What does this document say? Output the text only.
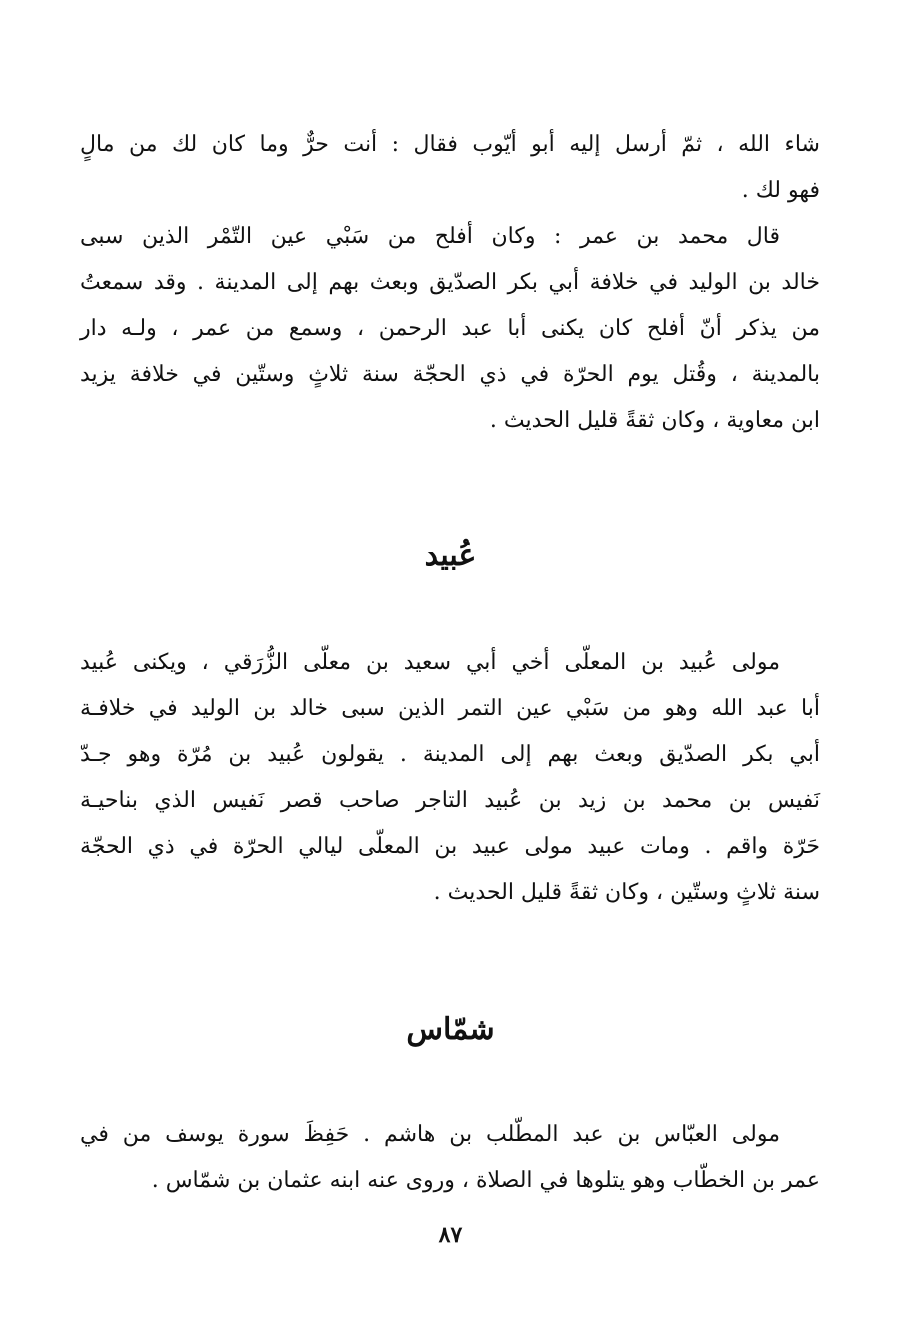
شاء الله ، ثمّ أرسل إليه أبو أيّوب فقال : أنت حرٌّ وما كان لك من مالٍ
فهو لك .
قال محمد بن عمر : وكان أفلح من سَبْي عين التّمْر الذين سبى
خالد بن الوليد في خلافة أبي بكر الصدّيق وبعث بهم إلى المدينة . وقد سمعتُ
من يذكر أنّ أفلح كان يكنى أبا عبد الرحمن ، وسمع من عمر ، ولـه دار
بالمدينة ، وقُتل يوم الحرّة في ذي الحجّة سنة ثلاثٍ وستّين في خلافة يزيد
ابن معاوية ، وكان ثقةً قليل الحديث .
عُبيد
مولى عُبيد بن المعلّى أخي أبي سعيد بن معلّى الزُّرَقي ، ويكنى عُبيد
أبا عبد الله وهو من سَبْي عين التمر الذين سبى خالد بن الوليد في خلافـة
أبي بكر الصدّيق وبعث بهم إلى المدينة . يقولون عُبيد بن مُرّة وهو جـدّ
نَفيس بن محمد بن زيد بن عُبيد التاجر صاحب قصر نَفيس الذي بناحيـة
حَرّة واقم . ومات عبيد مولى عبيد بن المعلّى ليالي الحرّة في ذي الحجّة
سنة ثلاثٍ وستّين ، وكان ثقةً قليل الحديث .
شمّاس
مولى العبّاس بن عبد المطّلب بن هاشم . حَفِظَ سورة يوسف من في
عمر بن الخطّاب وهو يتلوها في الصلاة ، وروى عنه ابنه عثمان بن شمّاس .
٨٧
